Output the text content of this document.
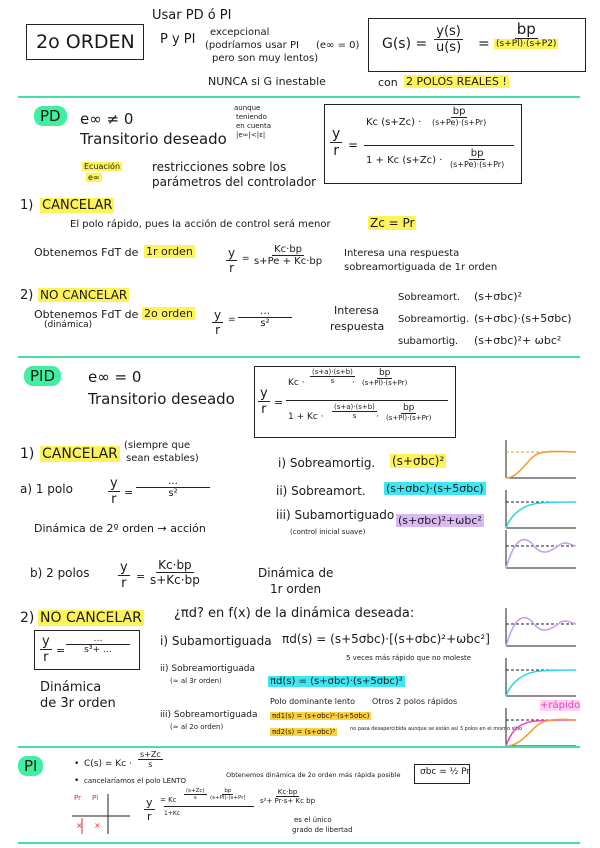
2o ORDEN
Usar PD ó PI
P y PI excepcional
(podríamos usar PI (e∞ = 0)
pero son muy lentos)
NUNCA si G inestable
$G(s) = \frac{y(s)}{u(s)} = \frac{bp}{(s+Pl)\cdot(s+P2)}$
con 2 POLOS REALES !
PD	e∞ ≠ 0
aunque
teniendo
en cuenta
|e∞|<|ε|
Transitorio deseado
Ecuación
e∞
restricciones sobre los
parámetros del controlador
$\frac{y}{r}$ =
Kc $(s+Zc) \cdot \frac{bp}{(s+Pe)\cdot(s+Pr)}$
1 + Kc $(s+Zc) \cdot \frac{bp}{(s+Pe)\cdot(s+Pr)}$
1) CANCELAR
El polo rápido, pues la acción de control será menor	Zc = Pr
Obtenemos FdT de 1r orden	$\frac{y}{r} = \frac{Kc\cdot bp}{s+Pe + Kc\cdot bp}$ Interesa una respuesta
sobreamortiguada de 1r orden
2) NO CANCELAR
Obtenemos FdT de 2o orden
(dinámica)	$\frac{y}{r} = \frac{\dots}{\text{s²}}$	Interesa
respuesta
Sobreamort. (s+σbc)²
Sobreamortig. (s+σbc)·(s+5σbc)
subamortig. (s+σbc)²+ ωbc²
PID	e∞ = 0
Transitorio deseado $\frac{y}{r}$ =
$Kc \cdot \frac{(s+a)\cdot(s+b)}{s}$
· $\frac{bp}{(s+Pl)\cdot(s+Pr)}$
$1 + Kc \cdot \frac{(s+a)\cdot(s+b)}{s} \cdot \frac{bp}{(s+Pl)\cdot(s+Pr)}$
1) CANCELAR
(siempre que
sean estables)
a) 1 polo	$\frac{y}{r} = \frac{\dots}{\text{s²}}$
Dinámica de 2º orden → acción
i) Sobreamortig. (s+σbc)²
ii) Sobreamort. (s+σbc)·(s+5σbc)
iii) Subamortiguado
(control inicial suave)
(s+σbc)²+ωbc²
b) 2 polos $\frac{y}{r} = \frac{Kc\cdot bp}{s+Kc\cdot bp}$	Dinámica de
1r orden
2) NO CANCELAR ¿πd? en f(x) de la dinámica deseada:
$\frac{y}{r} = \frac{\dots}{\text{s³+ …}}$
Dinámica
de 3r orden
i) Subamortiguada πd(s) = (s+5σbc)·[(s+σbc)²+ωbc²]
5 veces más rápido que no moleste
ii) Sobreamortiguada
(≃ al 3r orden)	πd(s) = (s+σbc)·(s+5σbc)²
Polo dominante lento Otros 2 polos rápidos
iii) Sobreamortiguada
(≃ al 2o orden)
πd1(s) = (s+σbc)²·(s+5σbc)
πd2(s) = (s+σbc)³	no pasa desapercibida aunque se están así 3 polos en el mismo sitio
+rápido
PI	• $C(s) = Kc \cdot \frac{s+Zc}{s}$
• cancelaríamos el polo LENTO
Obtenemos dinámica de 2o orden más rápida posible σbc = ½ Pr
$\frac{y}{r} = Kc \frac{(s+Zc)}{s} \frac{bp}{(s+Pl)\cdot(s+Pr)}$
1+Kc
$\frac{Kc\cdot bp}{\text{s²+ Pr·s+ Kc bp}}$
es el único
grado de libertad
× ×
Pr Pl
